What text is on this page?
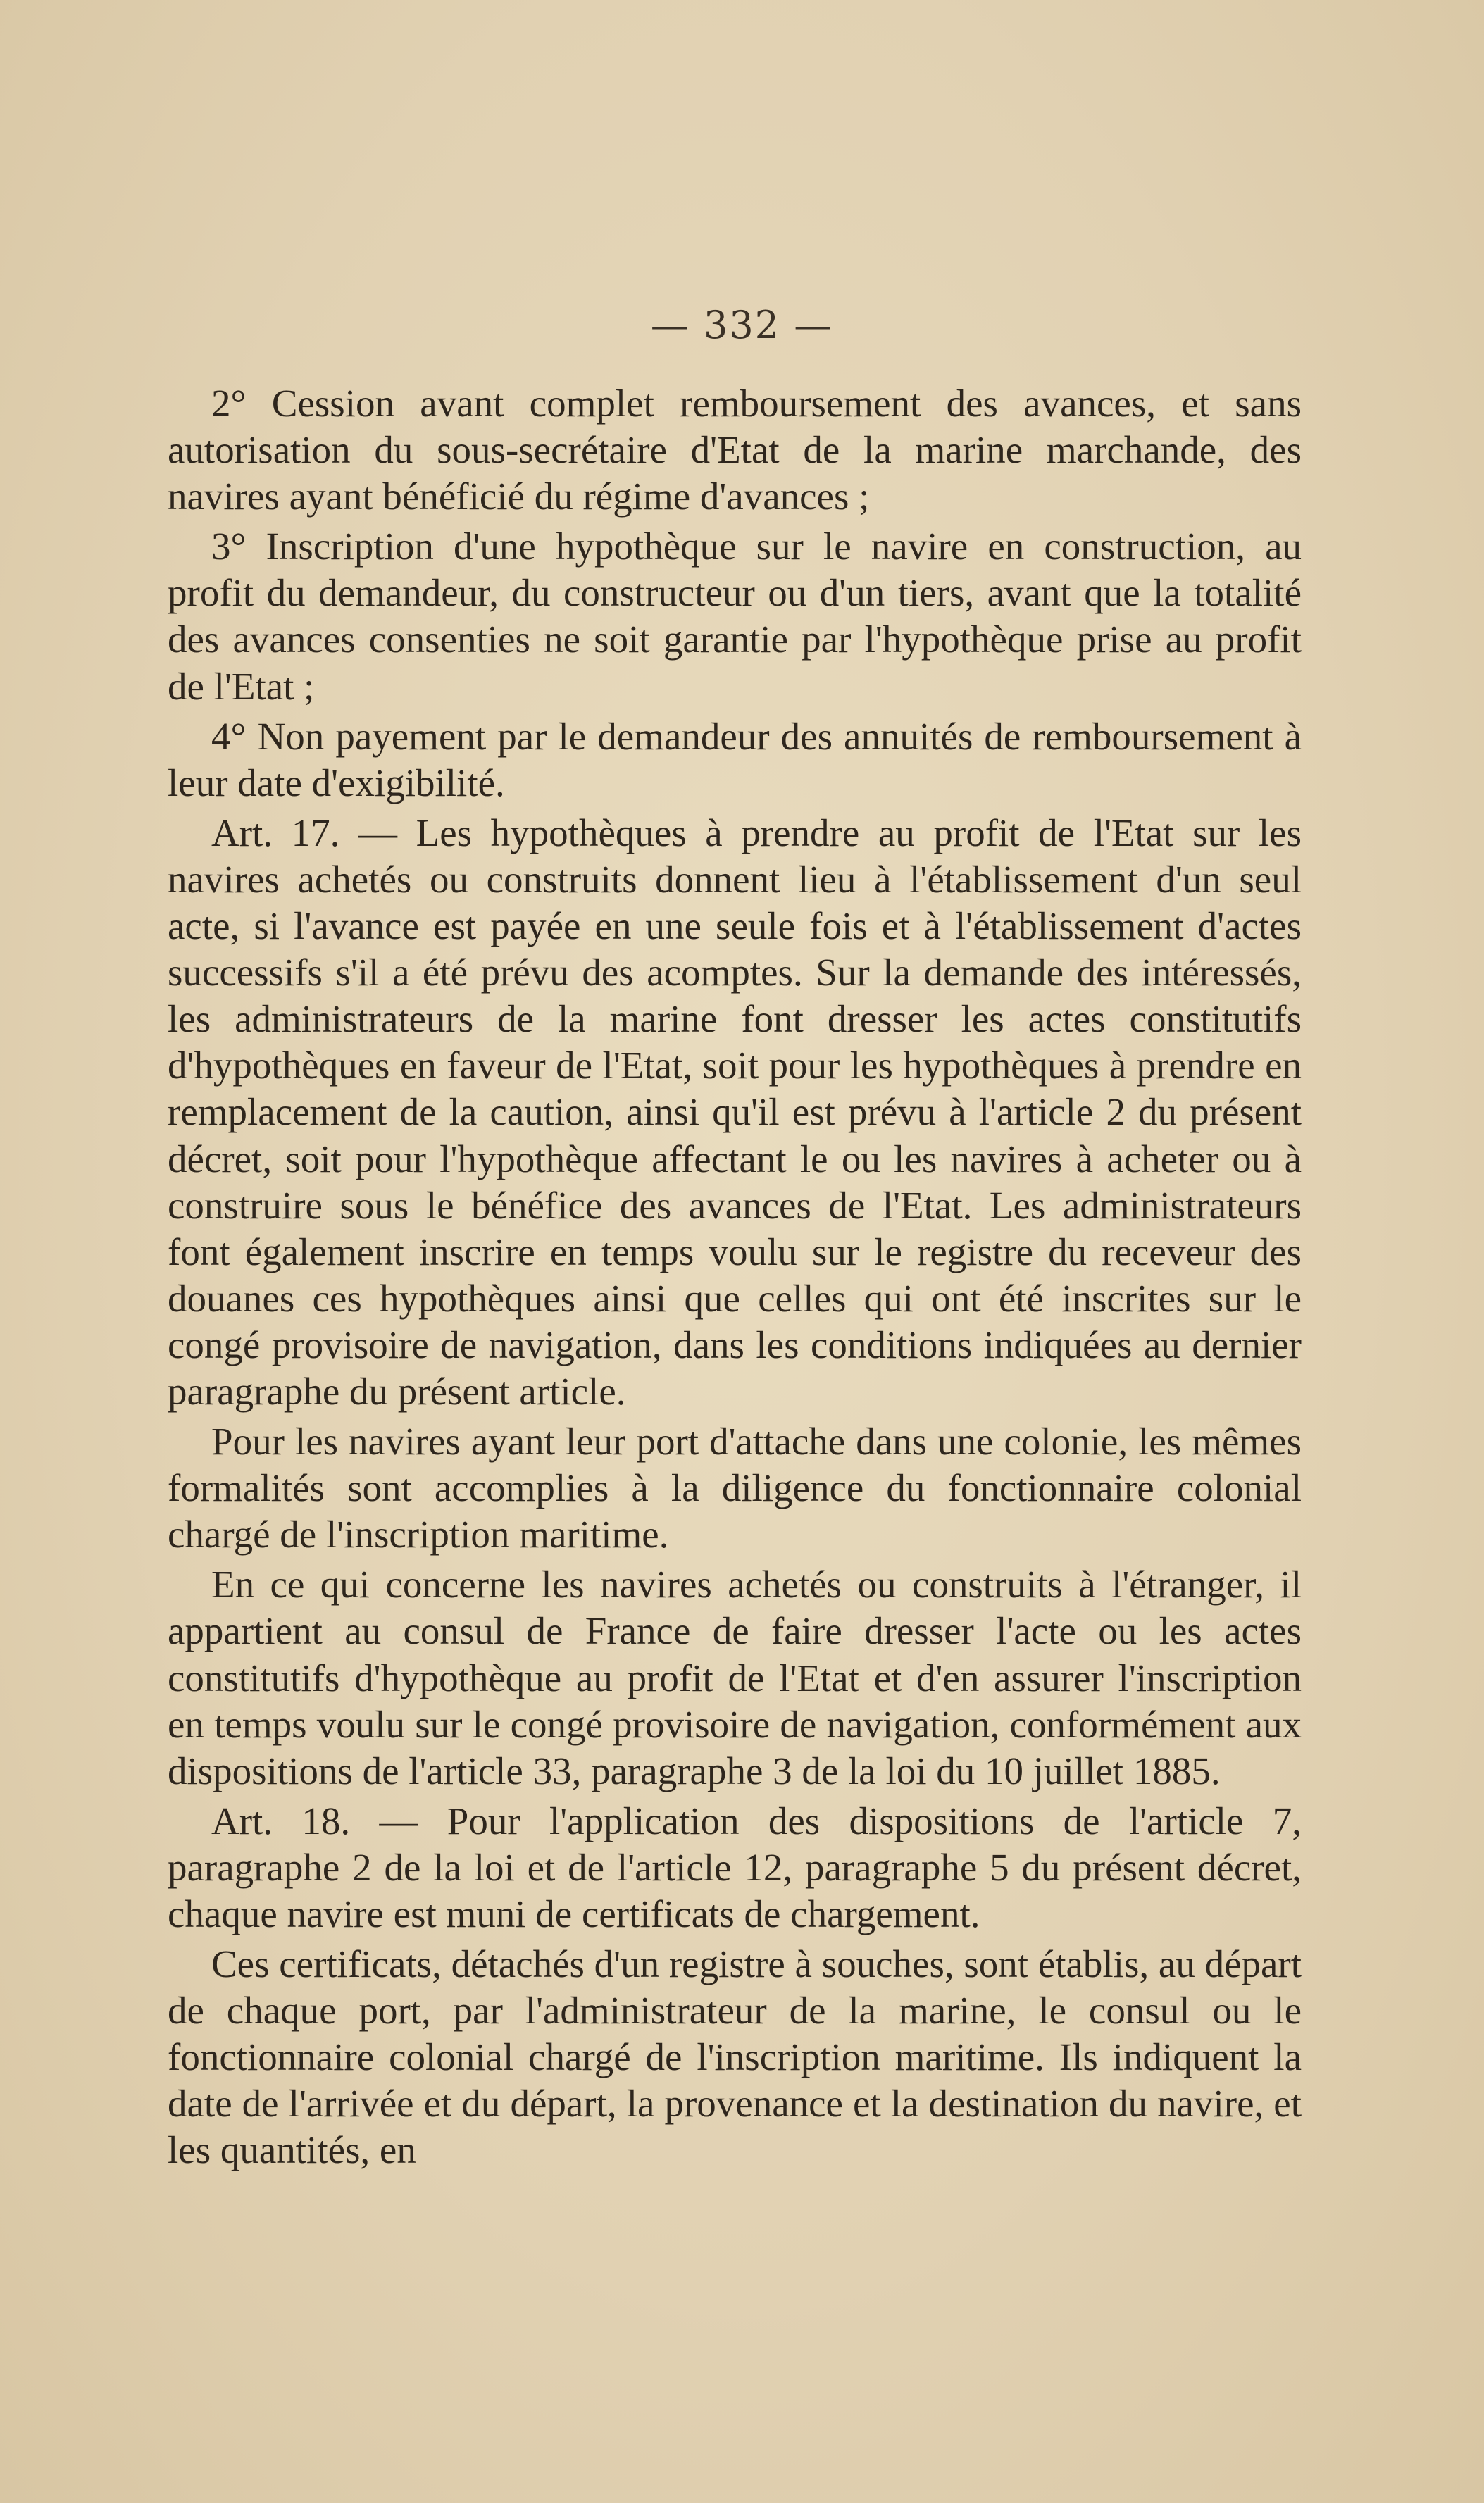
— 332 —

2° Cession avant complet remboursement des avances, et sans autorisation du sous-secrétaire d'Etat de la marine marchande, des navires ayant bénéficié du régime d'avances ;

3° Inscription d'une hypothèque sur le navire en construction, au profit du demandeur, du constructeur ou d'un tiers, avant que la totalité des avances consenties ne soit garantie par l'hypothèque prise au profit de l'Etat ;

4° Non payement par le demandeur des annuités de remboursement à leur date d'exigibilité.

Art. 17. — Les hypothèques à prendre au profit de l'Etat sur les navires achetés ou construits donnent lieu à l'établissement d'un seul acte, si l'avance est payée en une seule fois et à l'établissement d'actes successifs s'il a été prévu des acomptes. Sur la demande des intéressés, les administrateurs de la marine font dresser les actes constitutifs d'hypothèques en faveur de l'Etat, soit pour les hypothèques à prendre en remplacement de la caution, ainsi qu'il est prévu à l'article 2 du présent décret, soit pour l'hypothèque affectant le ou les navires à acheter ou à construire sous le bénéfice des avances de l'Etat. Les administrateurs font également inscrire en temps voulu sur le registre du receveur des douanes ces hypothèques ainsi que celles qui ont été inscrites sur le congé provisoire de navigation, dans les conditions indiquées au dernier paragraphe du présent article.

Pour les navires ayant leur port d'attache dans une colonie, les mêmes formalités sont accomplies à la diligence du fonctionnaire colonial chargé de l'inscription maritime.

En ce qui concerne les navires achetés ou construits à l'étranger, il appartient au consul de France de faire dresser l'acte ou les actes constitutifs d'hypothèque au profit de l'Etat et d'en assurer l'inscription en temps voulu sur le congé provisoire de navigation, conformément aux dispositions de l'article 33, paragraphe 3 de la loi du 10 juillet 1885.

Art. 18. — Pour l'application des dispositions de l'article 7, paragraphe 2 de la loi et de l'article 12, paragraphe 5 du présent décret, chaque navire est muni de certificats de chargement.

Ces certificats, détachés d'un registre à souches, sont établis, au départ de chaque port, par l'administrateur de la marine, le consul ou le fonctionnaire colonial chargé de l'inscription maritime. Ils indiquent la date de l'arrivée et du départ, la provenance et la destination du navire, et les quantités, en
